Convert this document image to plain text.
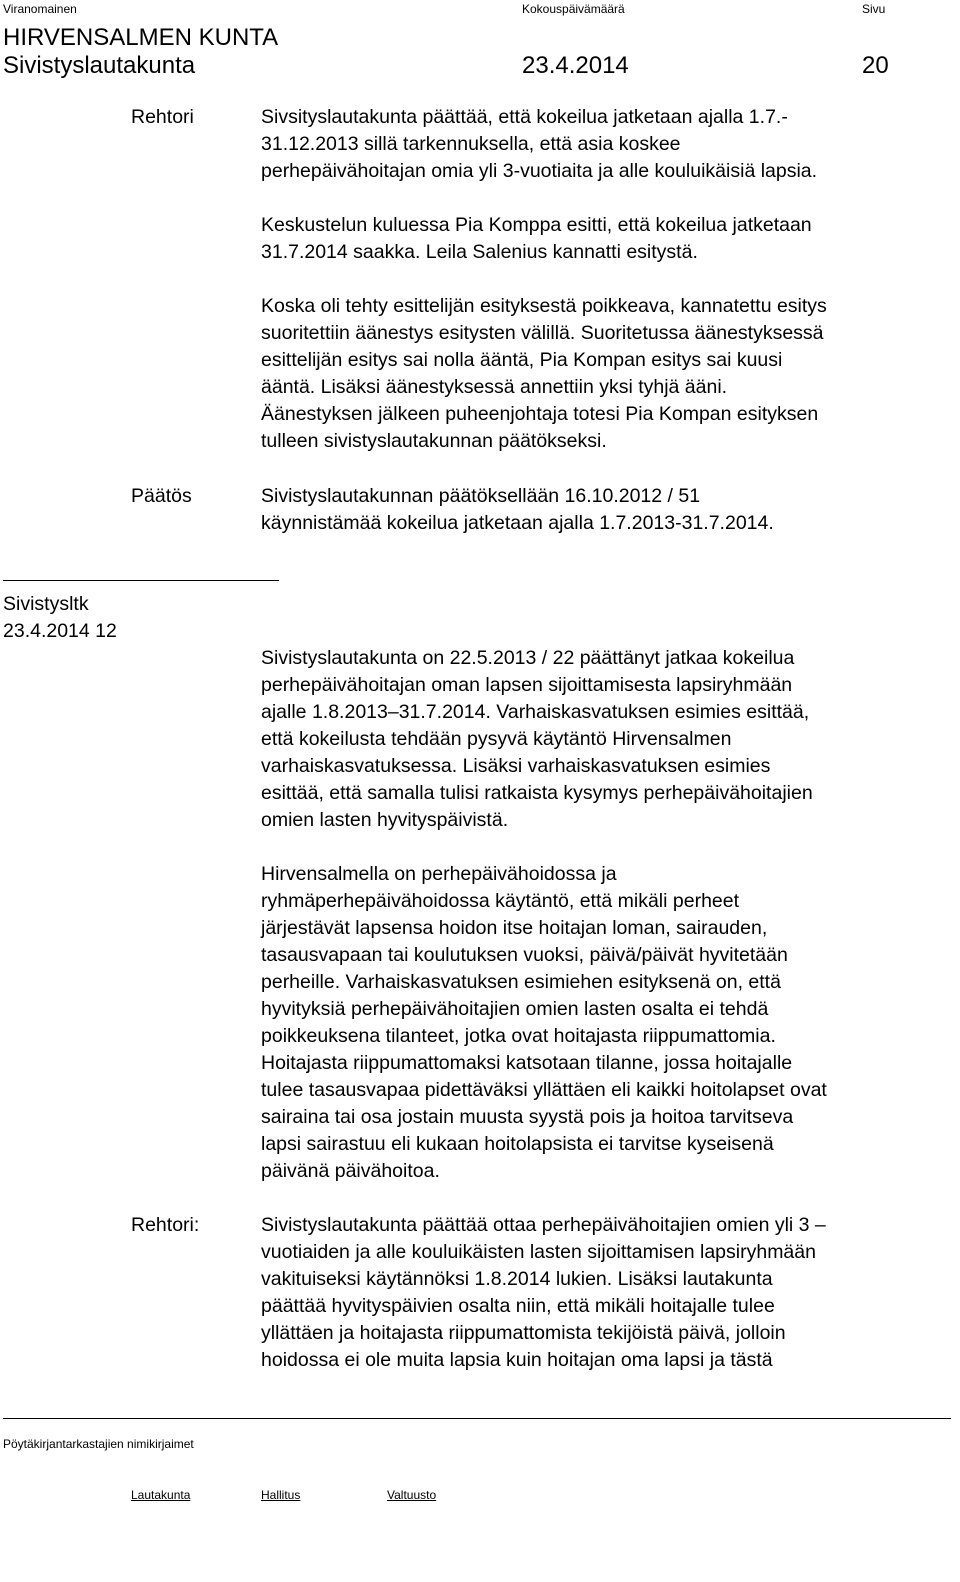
Viranomainen	Kokouspäivämäärä	Sivu
HIRVENSALMEN KUNTA
Sivistyslautakunta	23.4.2014	20
Rehtori	Sivsityslautakunta päättää, että kokeilua jatketaan ajalla 1.7.-
31.12.2013 sillä tarkennuksella, että asia koskee
perhepäivähoitajan omia yli 3-vuotiaita ja alle kouluikäisiä lapsia.
Keskustelun kuluessa Pia Komppa esitti, että kokeilua jatketaan
31.7.2014 saakka. Leila Salenius kannatti esitystä.
Koska oli tehty esittelijän esityksestä poikkeava, kannatettu esitys
suoritettiin äänestys esitysten välillä. Suoritetussa äänestyksessä
esittelijän esitys sai nolla ääntä, Pia Kompan esitys sai kuusi
ääntä. Lisäksi äänestyksessä annettiin yksi tyhjä ääni.
Äänestyksen jälkeen puheenjohtaja totesi Pia Kompan esityksen
tulleen sivistyslautakunnan päätökseksi.
Päätös	Sivistyslautakunnan päätöksellään 16.10.2012 / 51
käynnistämää kokeilua jatketaan ajalla 1.7.2013-31.7.2014.
Sivistysltk
23.4.2014 12
Sivistyslautakunta on 22.5.2013 / 22 päättänyt jatkaa kokeilua
perhepäivähoitajan oman lapsen sijoittamisesta lapsiryhmään
ajalle 1.8.2013–31.7.2014. Varhaiskasvatuksen esimies esittää,
että kokeilusta tehdään pysyvä käytäntö Hirvensalmen
varhaiskasvatuksessa. Lisäksi varhaiskasvatuksen esimies
esittää, että samalla tulisi ratkaista kysymys perhepäivähoitajien
omien lasten hyvityspäivistä.
Hirvensalmella on perhepäivähoidossa ja
ryhmäperhepäivähoidossa käytäntö, että mikäli perheet
järjestävät lapsensa hoidon itse hoitajan loman, sairauden,
tasausvapaan tai koulutuksen vuoksi, päivä/päivät hyvitetään
perheille. Varhaiskasvatuksen esimiehen esityksenä on, että
hyvityksiä perhepäivähoitajien omien lasten osalta ei tehdä
poikkeuksena tilanteet, jotka ovat hoitajasta riippumattomia.
Hoitajasta riippumattomaksi katsotaan tilanne, jossa hoitajalle
tulee tasausvapaa pidettäväksi yllättäen eli kaikki hoitolapset ovat
sairaina tai osa jostain muusta syystä pois ja hoitoa tarvitseva
lapsi sairastuu eli kukaan hoitolapsista ei tarvitse kyseisenä
päivänä päivähoitoa.
Rehtori:	Sivistyslautakunta päättää ottaa perhepäivähoitajien omien yli 3 –
vuotiaiden ja alle kouluikäisten lasten sijoittamisen lapsiryhmään
vakituiseksi käytännöksi 1.8.2014 lukien. Lisäksi lautakunta
päättää hyvityspäivien osalta niin, että mikäli hoitajalle tulee
yllättäen ja hoitajasta riippumattomista tekijöistä päivä, jolloin
hoidossa ei ole muita lapsia kuin hoitajan oma lapsi ja tästä
Pöytäkirjantarkastajien nimikirjaimet
Lautakunta	Hallitus	Valtuusto
